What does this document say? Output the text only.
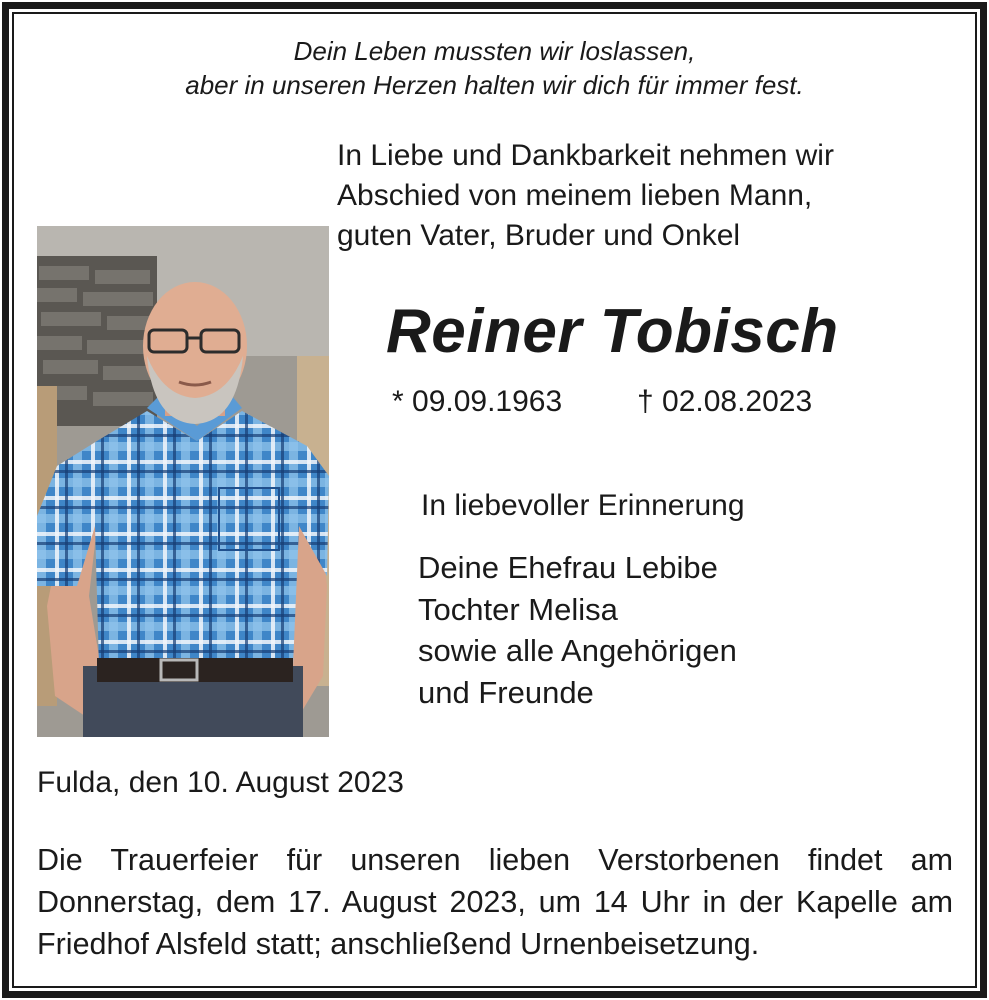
Dein Leben mussten wir loslassen,
aber in unseren Herzen halten wir dich für immer fest.
In Liebe und Dankbarkeit nehmen wir
Abschied von meinem lieben Mann,
guten Vater, Bruder und Onkel
Reiner Tobisch
* 09.09.1963 † 02.08.2023
In liebevoller Erinnerung
Deine Ehefrau Lebibe
Tochter Melisa
sowie alle Angehörigen
und Freunde
Fulda, den 10. August 2023
Die Trauerfeier für unseren lieben Verstorbenen findet am Donnerstag, dem 17. August 2023, um 14 Uhr in der Kapelle am Friedhof Alsfeld statt; anschließend Urnenbeisetzung.
